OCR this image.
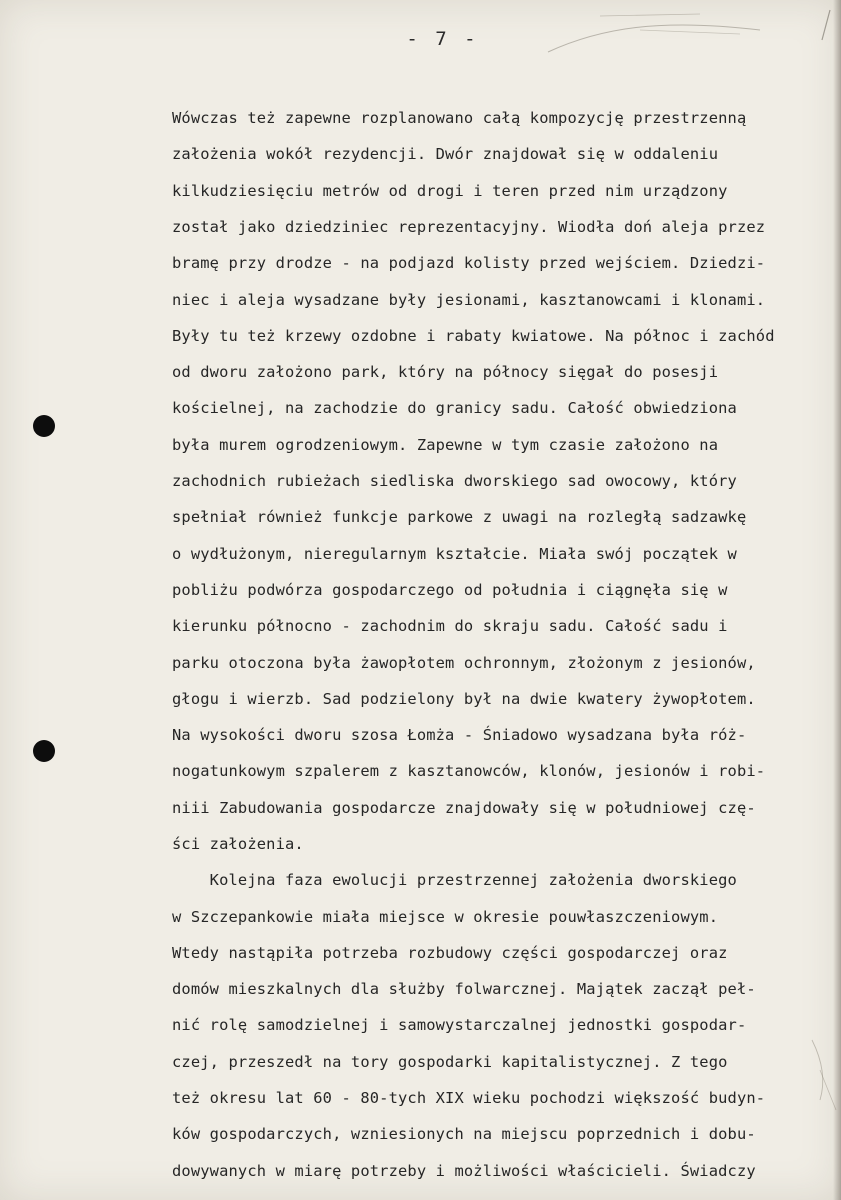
- 7 -
Wówczas też zapewne rozplanowano całą kompozycję przestrzenną
założenia wokół rezydencji. Dwór znajdował się w oddaleniu
kilkudziesięciu metrów od drogi i teren przed nim urządzony
został jako dziedziniec reprezentacyjny. Wiodła doń aleja przez
bramę przy drodze - na podjazd kolisty przed wejściem. Dziedzi-
niec i aleja wysadzane były jesionami, kasztanowcami i klonami.
Były tu też krzewy ozdobne i rabaty kwiatowe. Na północ i zachód
od dworu założono park, który na północy sięgał do posesji
kościelnej, na zachodzie do granicy sadu. Całość obwiedziona
była murem ogrodzeniowym. Zapewne w tym czasie założono na
zachodnich rubieżach siedliska dworskiego sad owocowy, który
spełniał również funkcje parkowe z uwagi na rozległą sadzawkę
o wydłużonym, nieregularnym kształcie. Miała swój początek w
pobliżu podwórza gospodarczego od południa i ciągnęła się w
kierunku północno - zachodnim do skraju sadu. Całość sadu i
parku otoczona była żawopłotem ochronnym, złożonym z jesionów,
głogu i wierzb. Sad podzielony był na dwie kwatery żywopłotem.
Na wysokości dworu szosa Łomża - Śniadowo wysadzana była róż-
nogatunkowym szpalerem z kasztanowców, klonów, jesionów i robi-
niii Zabudowania gospodarcze znajdowały się w południowej czę-
ści założenia.
Kolejna faza ewolucji przestrzennej założenia dworskiego
w Szczepankowie miała miejsce w okresie pouwłaszczeniowym.
Wtedy nastąpiła potrzeba rozbudowy części gospodarczej oraz
domów mieszkalnych dla służby folwarcznej. Majątek zaczął peł-
nić rolę samodzielnej i samowystarczalnej jednostki gospodar-
czej, przeszedł na tory gospodarki kapitalistycznej. Z tego
też okresu lat 60 - 80-tych XIX wieku pochodzi większość budyn-
ków gospodarczych, wzniesionych na miejscu poprzednich i dobu-
dowywanych w miarę potrzeby i możliwości właścicieli. Świadczy
